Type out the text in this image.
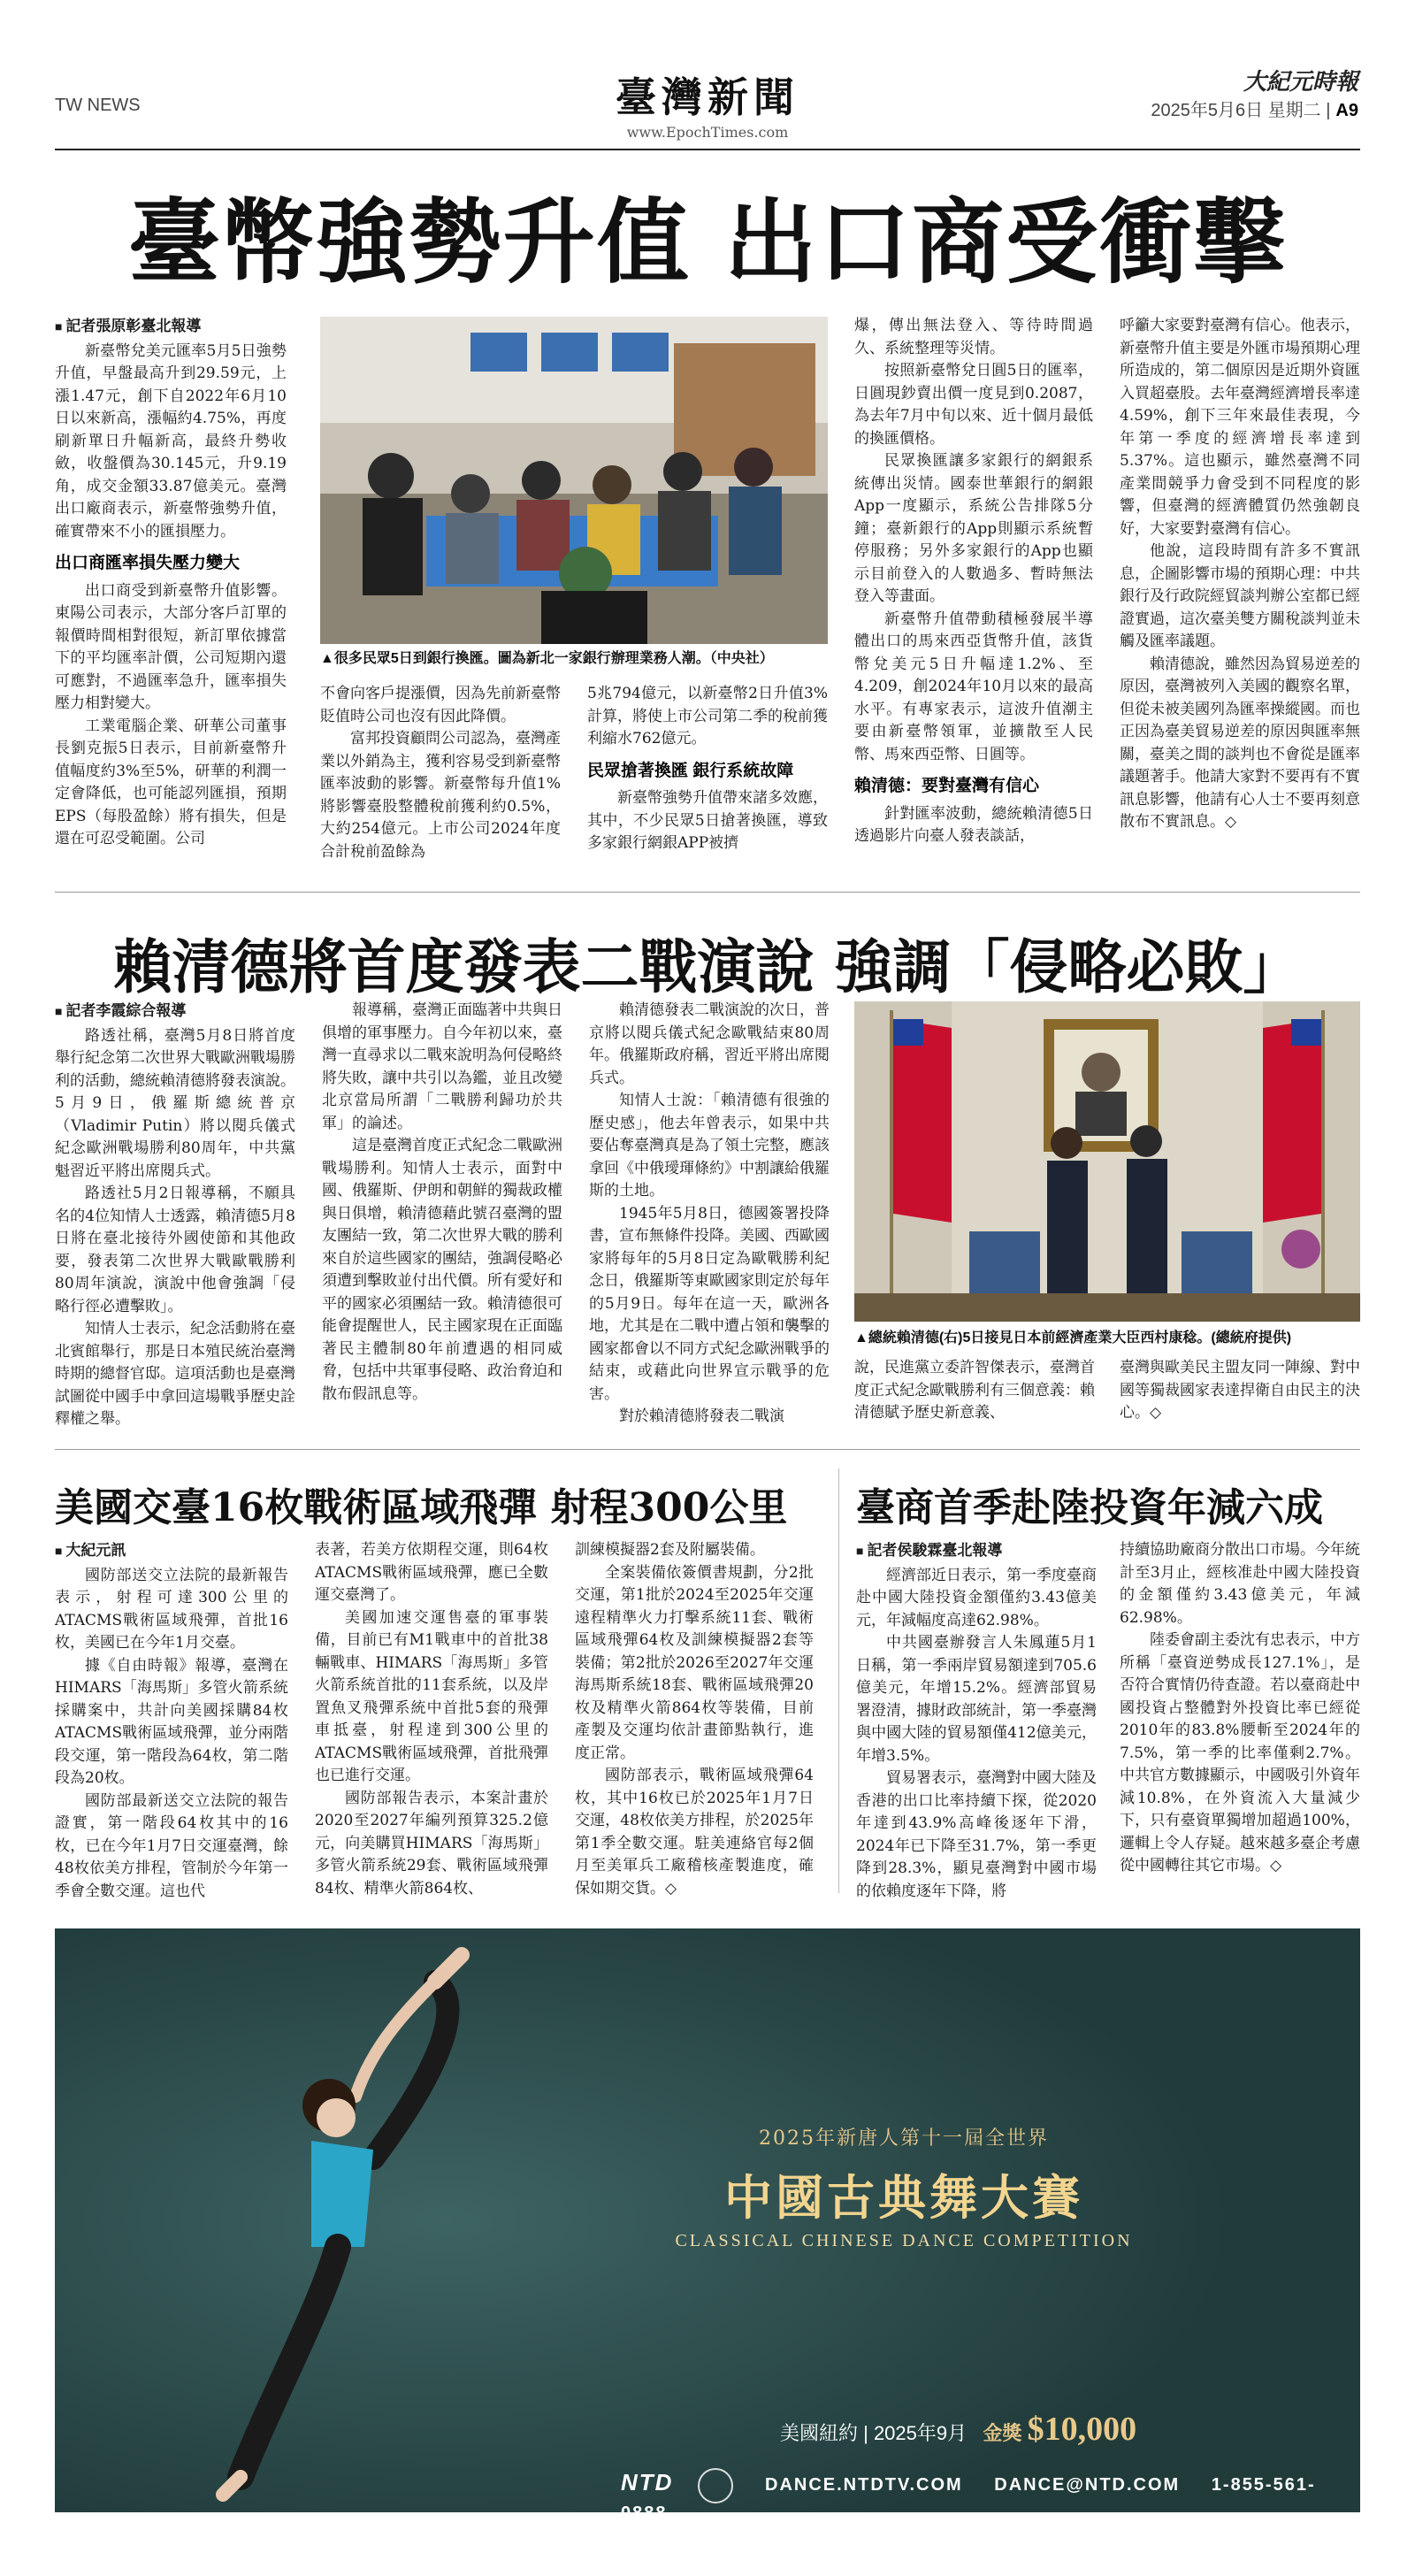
TW NEWS	臺灣新聞
www.EpochTimes.com
大紀元時報
2025年5月6日 星期二 | A9
臺幣強勢升值 出口商受衝擊
■ 記者張原彰臺北報導

新臺幣兌美元匯率5月5日強勢升值，早盤最高升到29.59元，上漲1.47元，創下自2022年6月10日以來新高，漲幅約4.75%，再度刷新單日升幅新高，最終升勢收斂，收盤價為30.145元，升9.19角，成交金額33.87億美元。臺灣出口廠商表示，新臺幣強勢升值，確實帶來不小的匯損壓力。

出口商匯率損失壓力變大

出口商受到新臺幣升值影響。東陽公司表示，大部分客戶訂單的報價時間相對很短，新訂單依據當下的平均匯率計價，公司短期內還可應對，不過匯率急升，匯率損失壓力相對變大。

工業電腦企業、研華公司董事長劉克振5日表示，目前新臺幣升值幅度約3%至5%，研華的利潤一定會降低，也可能認列匯損，預期EPS（每股盈餘）將有損失，但是還在可忍受範圍。公司

▲很多民眾5日到銀行換匯。圖為新北一家銀行辦理業務人潮。（中央社）

不會向客戶提漲價，因為先前新臺幣貶值時公司也沒有因此降價。

富邦投資顧問公司認為，臺灣產業以外銷為主，獲利容易受到新臺幣匯率波動的影響。新臺幣每升值1%將影響臺股整體稅前獲利約0.5%，大約254億元。上市公司2024年度合計稅前盈餘為

5兆794億元，以新臺幣2日升值3%計算，將使上市公司第二季的稅前獲利縮水762億元。

民眾搶著換匯 銀行系統故障

新臺幣強勢升值帶來諸多效應，其中，不少民眾5日搶著換匯，導致多家銀行網銀APP被擠

爆，傳出無法登入、等待時間過久、系統整理等災情。

按照新臺幣兌日圓5日的匯率，日圓現鈔賣出價一度見到0.2087，為去年7月中旬以來、近十個月最低的換匯價格。

民眾換匯讓多家銀行的網銀系統傳出災情。國泰世華銀行的網銀App一度顯示，系統公告排隊5分鐘；臺新銀行的App則顯示系統暫停服務；另外多家銀行的App也顯示目前登入的人數過多、暫時無法登入等畫面。

新臺幣升值帶動積極發展半導體出口的馬來西亞貨幣升值，該貨幣兌美元5日升幅達1.2%、至4.209，創2024年10月以來的最高水平。有專家表示，這波升值潮主要由新臺幣領軍，並擴散至人民幣、馬來西亞幣、日圓等。

賴清德：要對臺灣有信心

針對匯率波動，總統賴清德5日透過影片向臺人發表談話，

呼籲大家要對臺灣有信心。他表示，新臺幣升值主要是外匯市場預期心理所造成的，第二個原因是近期外資匯入買超臺股。去年臺灣經濟增長率達4.59%，創下三年來最佳表現，今年第一季度的經濟增長率達到5.37%。這也顯示，雖然臺灣不同產業間競爭力會受到不同程度的影響，但臺灣的經濟體質仍然強韌良好，大家要對臺灣有信心。

他說，這段時間有許多不實訊息，企圖影響市場的預期心理：中共銀行及行政院經貿談判辦公室都已經證實過，這次臺美雙方關稅談判並未觸及匯率議題。

賴清德說，雖然因為貿易逆差的原因，臺灣被列入美國的觀察名單，但從未被美國列為匯率操縱國。而也正因為臺美貿易逆差的原因與匯率無關，臺美之間的談判也不會從是匯率議題著手。他請大家對不要再有不實訊息影響，他請有心人士不要再刻意散布不實訊息。◇

賴清德將首度發表二戰演說 強調「侵略必敗」
■ 記者李霞綜合報導

路透社稱，臺灣5月8日將首度舉行紀念第二次世界大戰歐洲戰場勝利的活動，總統賴清德將發表演說。5月9日，俄羅斯總統普京（Vladimir Putin）將以閱兵儀式紀念歐洲戰場勝利80周年，中共黨魁習近平將出席閱兵式。

路透社5月2日報導稱，不願具名的4位知情人士透露，賴清德5月8日將在臺北接待外國使節和其他政要，發表第二次世界大戰歐戰勝利80周年演說，演說中他會強調「侵略行徑必遭擊敗」。

知情人士表示，紀念活動將在臺北賓館舉行，那是日本殖民統治臺灣時期的總督官邸。這項活動也是臺灣試圖從中國手中拿回這場戰爭歷史詮釋權之舉。

報導稱，臺灣正面臨著中共與日俱增的軍事壓力。自今年初以來，臺灣一直尋求以二戰來說明為何侵略終將失敗，讓中共引以為鑑，並且改變北京當局所謂「二戰勝利歸功於共軍」的論述。

這是臺灣首度正式紀念二戰歐洲戰場勝利。知情人士表示，面對中國、俄羅斯、伊朗和朝鮮的獨裁政權與日俱增，賴清德藉此號召臺灣的盟友團結一致，第二次世界大戰的勝利來自於這些國家的團結，強調侵略必須遭到擊敗並付出代價。所有愛好和平的國家必須團結一致。賴清德很可能會提醒世人，民主國家現在正面臨著民主體制80年前遭遇的相同威脅，包括中共軍事侵略、政治脅迫和散布假訊息等。

賴清德發表二戰演說的次日，普京將以閱兵儀式紀念歐戰結束80周年。俄羅斯政府稱，習近平將出席閱兵式。

知情人士說：「賴清德有很強的歷史感」，他去年曾表示，如果中共要佔奪臺灣真是為了領土完整，應該拿回《中俄璦琿條約》中割讓給俄羅斯的土地。

1945年5月8日，德國簽署投降書，宣布無條件投降。美國、西歐國家將每年的5月8日定為歐戰勝利紀念日，俄羅斯等東歐國家則定於每年的5月9日。每年在這一天，歐洲各地，尤其是在二戰中遭占領和襲擊的國家都會以不同方式紀念歐洲戰爭的結束，或藉此向世界宣示戰爭的危害。

對於賴清德將發表二戰演

▲總統賴清德(右)5日接見日本前經濟產業大臣西村康稔。(總統府提供)

說，民進黨立委許智傑表示，臺灣首度正式紀念歐戰勝利有三個意義：賴清德賦予歷史新意義、

臺灣與歐美民主盟友同一陣線、對中國等獨裁國家表達捍衛自由民主的決心。◇

美國交臺16枚戰術區域飛彈 射程300公里
■ 大紀元訊

國防部送交立法院的最新報告表示，射程可達300公里的ATACMS戰術區域飛彈，首批16枚，美國已在今年1月交臺。

據《自由時報》報導，臺灣在HIMARS「海馬斯」多管火箭系統採購案中，共計向美國採購84枚ATACMS戰術區域飛彈，並分兩階段交運，第一階段為64枚，第二階段為20枚。

國防部最新送交立法院的報告證實，第一階段64枚其中的16枚，已在今年1月7日交運臺灣，餘48枚依美方排程，管制於今年第一季會全數交運。這也代

表著，若美方依期程交運，則64枚ATACMS戰術區域飛彈，應已全數運交臺灣了。

美國加速交運售臺的軍事裝備，目前已有M1戰車中的首批38輛戰車、HIMARS「海馬斯」多管火箭系統首批的11套系統，以及岸置魚叉飛彈系統中首批5套的飛彈車抵臺，射程達到300公里的ATACMS戰術區域飛彈，首批飛彈也已進行交運。

國防部報告表示，本案計畫於2020至2027年編列預算325.2億元，向美購買HIMARS「海馬斯」多管火箭系統29套、戰術區域飛彈84枚、精準火箭864枚、

訓練模擬器2套及附屬裝備。

全案裝備依簽價書規劃，分2批交運，第1批於2024至2025年交運遠程精準火力打擊系統11套、戰術區域飛彈64枚及訓練模擬器2套等裝備；第2批於2026至2027年交運海馬斯系統18套、戰術區域飛彈20枚及精準火箭864枚等裝備，目前產製及交運均依計畫節點執行，進度正常。

國防部表示，戰術區域飛彈64枚，其中16枚已於2025年1月7日交運，48枚依美方排程，於2025年第1季全數交運。駐美連絡官每2個月至美軍兵工廠稽核產製進度，確保如期交貨。◇

臺商首季赴陸投資年減六成
■ 記者侯駿霖臺北報導

經濟部近日表示，第一季度臺商赴中國大陸投資金額僅約3.43億美元，年減幅度高達62.98%。

中共國臺辦發言人朱鳳蓮5月1日稱，第一季兩岸貿易額達到705.6億美元，年增15.2%。經濟部貿易署澄清，據財政部統計，第一季臺灣與中國大陸的貿易額僅412億美元，年增3.5%。

貿易署表示，臺灣對中國大陸及香港的出口比率持續下探，從2020年達到43.9%高峰後逐年下滑，2024年已下降至31.7%，第一季更降到28.3%，顯見臺灣對中國市場的依賴度逐年下降，將

持續協助廠商分散出口市場。今年統計至3月止，經核准赴中國大陸投資的金額僅約3.43億美元，年減62.98%。

陸委會副主委沈有忠表示，中方所稱「臺資逆勢成長127.1%」，是否符合實情仍待查證。若以臺商赴中國投資占整體對外投資比率已經從2010年的83.8%腰斬至2024年的7.5%，第一季的比率僅剩2.7%。中共官方數據顯示，中國吸引外資年減10.8%，在外資流入大量減少下，只有臺資單獨增加超過100%，邏輯上令人存疑。越來越多臺企考慮從中國轉往其它市場。◇

2025年新唐人第十一屆全世界
中國古典舞大賽
CLASSICAL CHINESE DANCE COMPETITION
美國紐約 | 2025年9月 金獎 $10,000
NTD	DANCE.NTDTV.COM DANCE@NTD.COM 1-855-561-0888
